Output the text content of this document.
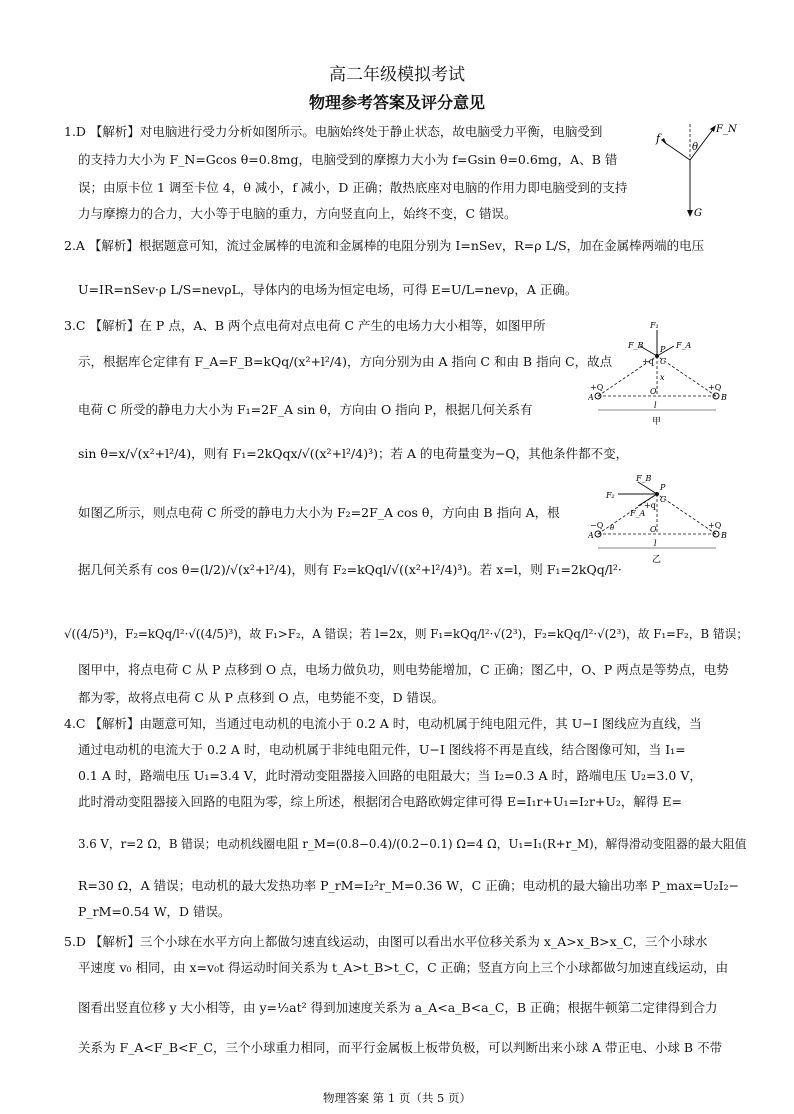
高二年级模拟考试
物理参考答案及评分意见
1.D 【解析】对电脑进行受力分析如图所示。电脑始终处于静止状态，故电脑受力平衡，电脑受到
的支持力大小为 F_N=Gcos θ=0.8mg，电脑受到的摩擦力大小为 f=Gsin θ=0.6mg，A、B 错
误；由原卡位 1 调至卡位 4，θ 减小，f 减小，D 正确；散热底座对电脑的作用力即电脑受到的支持
力与摩擦力的合力，大小等于电脑的重力，方向竖直向上，始终不变，C 错误。
f
F_N
θ
G
2.A 【解析】根据题意可知，流过金属棒的电流和金属棒的电阻分别为 I=nSev，R=ρ L/S，加在金属棒两端的电压
U=IR=nSev·ρ L/S=nevρL，导体内的电场为恒定电场，可得 E=U/L=nevρ，A 正确。
3.C 【解析】在 P 点，A、B 两个点电荷对点电荷 C 产生的电场力大小相等，如图甲所
示，根据库仑定律有 F_A=F_B=kQq/(x²+l²/4)，方向分别为由 A 指向 C 和由 B 指向 C，故点
电荷 C 所受的静电力大小为 F₁=2F_A sin θ，方向由 O 指向 P，根据几何关系有
sin θ=x/√(x²+l²/4)，则有 F₁=2kQqx/√((x²+l²/4)³)；若 A 的电荷量变为−Q，其他条件都不变，
如图乙所示，则点电荷 C 所受的静电力大小为 F₂=2F_A cos θ，方向由 B 指向 A，根
据几何关系有 cos θ=(l/2)/√(x²+l²/4)，则有 F₂=kQql/√((x²+l²/4)³)。若 x=l，则 F₁=2kQq/l²·
√((4/5)³)，F₂=kQq/l²·√((4/5)³)，故 F₁>F₂，A 错误；若 l=2x，则 F₁=kQq/l²·√(2³)，F₂=kQq/l²·√(2³)，故 F₁=F₂，B 错误；
图甲中，将点电荷 C 从 P 点移到 O 点，电场力做负功，则电势能增加，C 正确；图乙中，O、P 两点是等势点，电势
都为零，故将点电荷 C 从 P 点移到 O 点，电势能不变，D 错误。
F₁
F_B	F_A
P
+q C
x
O
+Q	+Q
A	B
l
甲
F_B
F₂
F_A
P
+q
C
O
θ
−Q	+Q
A	B
l
乙
4.C 【解析】由题意可知，当通过电动机的电流小于 0.2 A 时，电动机属于纯电阻元件，其 U−I 图线应为直线，当
通过电动机的电流大于 0.2 A 时，电动机属于非纯电阻元件，U−I 图线将不再是直线，结合图像可知，当 I₁=
0.1 A 时，路端电压 U₁=3.4 V，此时滑动变阻器接入回路的电阻最大；当 I₂=0.3 A 时，路端电压 U₂=3.0 V，
此时滑动变阻器接入回路的电阻为零，综上所述，根据闭合电路欧姆定律可得 E=I₁r+U₁=I₂r+U₂，解得 E=
3.6 V，r=2 Ω，B 错误；电动机线圈电阻 r_M=(0.8−0.4)/(0.2−0.1) Ω=4 Ω，U₁=I₁(R+r_M)，解得滑动变阻器的最大阻值
R=30 Ω，A 错误；电动机的最大发热功率 P_rM=I₂²r_M=0.36 W，C 正确；电动机的最大输出功率 P_max=U₂I₂−
P_rM=0.54 W，D 错误。
5.D 【解析】三个小球在水平方向上都做匀速直线运动，由图可以看出水平位移关系为 x_A>x_B>x_C，三个小球水
平速度 v₀ 相同，由 x=v₀t 得运动时间关系为 t_A>t_B>t_C，C 正确；竖直方向上三个小球都做匀加速直线运动，由
图看出竖直位移 y 大小相等，由 y=½at² 得到加速度关系为 a_A<a_B<a_C，B 正确；根据牛顿第二定律得到合力
关系为 F_A<F_B<F_C，三个小球重力相同，而平行金属板上板带负极，可以判断出来小球 A 带正电、小球 B 不带
物理答案 第 1 页（共 5 页）
